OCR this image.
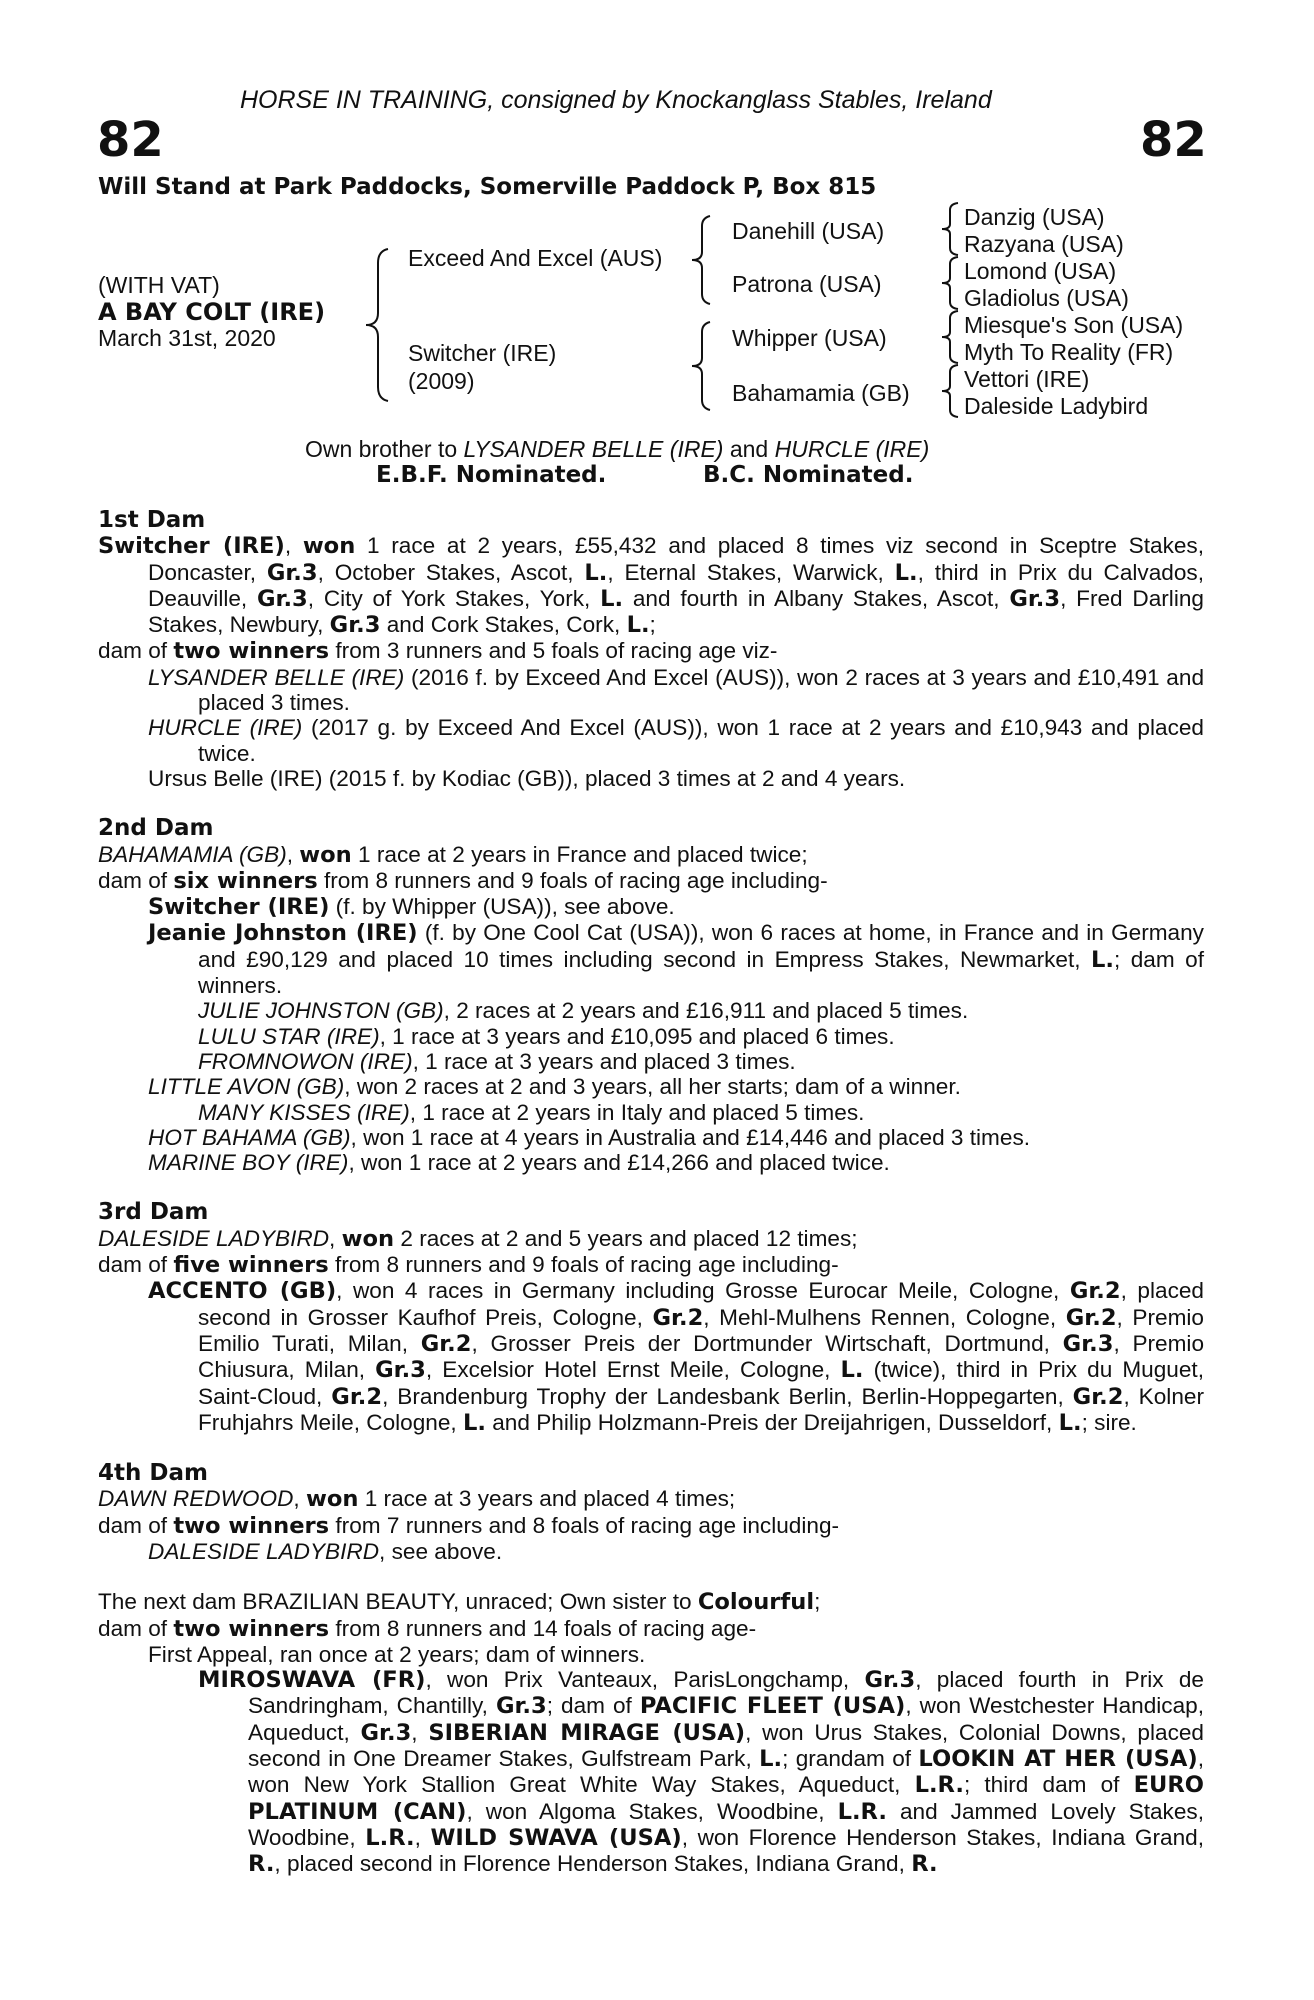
HORSE IN TRAINING, consigned by Knockanglass Stables, Ireland
82	82
Will Stand at Park Paddocks, Somerville Paddock P, Box 815
(WITH VAT)
A BAY COLT (IRE)
March 31st, 2020
Exceed And Excel (AUS)
Switcher (IRE)
(2009)
Danehill (USA)
Patrona (USA)
Whipper (USA)
Bahamamia (GB)
Danzig (USA)
Razyana (USA)
Lomond (USA)
Gladiolus (USA)
Miesque's Son (USA)
Myth To Reality (FR)
Vettori (IRE)
Daleside Ladybird
Own brother to LYSANDER BELLE (IRE) and HURCLE (IRE)
E.B.F. Nominated.	B.C. Nominated.
1st Dam
Switcher (IRE), won 1 race at 2 years, £55,432 and placed 8 times viz second in Sceptre Stakes, Doncaster, Gr.3, October Stakes, Ascot, L., Eternal Stakes, Warwick, L., third in Prix du Calvados, Deauville, Gr.3, City of York Stakes, York, L. and fourth in Albany Stakes, Ascot, Gr.3, Fred Darling Stakes, Newbury, Gr.3 and Cork Stakes, Cork, L.;
dam of two winners from 3 runners and 5 foals of racing age viz-
LYSANDER BELLE (IRE) (2016 f. by Exceed And Excel (AUS)), won 2 races at 3 years and £10,491 and placed 3 times.
HURCLE (IRE) (2017 g. by Exceed And Excel (AUS)), won 1 race at 2 years and £10,943 and placed twice.
Ursus Belle (IRE) (2015 f. by Kodiac (GB)), placed 3 times at 2 and 4 years.
2nd Dam
BAHAMAMIA (GB), won 1 race at 2 years in France and placed twice;
dam of six winners from 8 runners and 9 foals of racing age including-
Switcher (IRE) (f. by Whipper (USA)), see above.
Jeanie Johnston (IRE) (f. by One Cool Cat (USA)), won 6 races at home, in France and in Germany and £90,129 and placed 10 times including second in Empress Stakes, Newmarket, L.; dam of winners.
JULIE JOHNSTON (GB), 2 races at 2 years and £16,911 and placed 5 times.
LULU STAR (IRE), 1 race at 3 years and £10,095 and placed 6 times.
FROMNOWON (IRE), 1 race at 3 years and placed 3 times.
LITTLE AVON (GB), won 2 races at 2 and 3 years, all her starts; dam of a winner.
MANY KISSES (IRE), 1 race at 2 years in Italy and placed 5 times.
HOT BAHAMA (GB), won 1 race at 4 years in Australia and £14,446 and placed 3 times.
MARINE BOY (IRE), won 1 race at 2 years and £14,266 and placed twice.
3rd Dam
DALESIDE LADYBIRD, won 2 races at 2 and 5 years and placed 12 times;
dam of five winners from 8 runners and 9 foals of racing age including-
ACCENTO (GB), won 4 races in Germany including Grosse Eurocar Meile, Cologne, Gr.2, placed second in Grosser Kaufhof Preis, Cologne, Gr.2, Mehl-Mulhens Rennen, Cologne, Gr.2, Premio Emilio Turati, Milan, Gr.2, Grosser Preis der Dortmunder Wirtschaft, Dortmund, Gr.3, Premio Chiusura, Milan, Gr.3, Excelsior Hotel Ernst Meile, Cologne, L. (twice), third in Prix du Muguet, Saint-Cloud, Gr.2, Brandenburg Trophy der Landesbank Berlin, Berlin-Hoppegarten, Gr.2, Kolner Fruhjahrs Meile, Cologne, L. and Philip Holzmann-Preis der Dreijahrigen, Dusseldorf, L.; sire.
4th Dam
DAWN REDWOOD, won 1 race at 3 years and placed 4 times;
dam of two winners from 7 runners and 8 foals of racing age including-
DALESIDE LADYBIRD, see above.
The next dam BRAZILIAN BEAUTY, unraced; Own sister to Colourful;
dam of two winners from 8 runners and 14 foals of racing age-
First Appeal, ran once at 2 years; dam of winners.
MIROSWAVA (FR), won Prix Vanteaux, ParisLongchamp, Gr.3, placed fourth in Prix de Sandringham, Chantilly, Gr.3; dam of PACIFIC FLEET (USA), won Westchester Handicap, Aqueduct, Gr.3, SIBERIAN MIRAGE (USA), won Urus Stakes, Colonial Downs, placed second in One Dreamer Stakes, Gulfstream Park, L.; grandam of LOOKIN AT HER (USA), won New York Stallion Great White Way Stakes, Aqueduct, L.R.; third dam of EURO PLATINUM (CAN), won Algoma Stakes, Woodbine, L.R. and Jammed Lovely Stakes, Woodbine, L.R., WILD SWAVA (USA), won Florence Henderson Stakes, Indiana Grand, R., placed second in Florence Henderson Stakes, Indiana Grand, R.
